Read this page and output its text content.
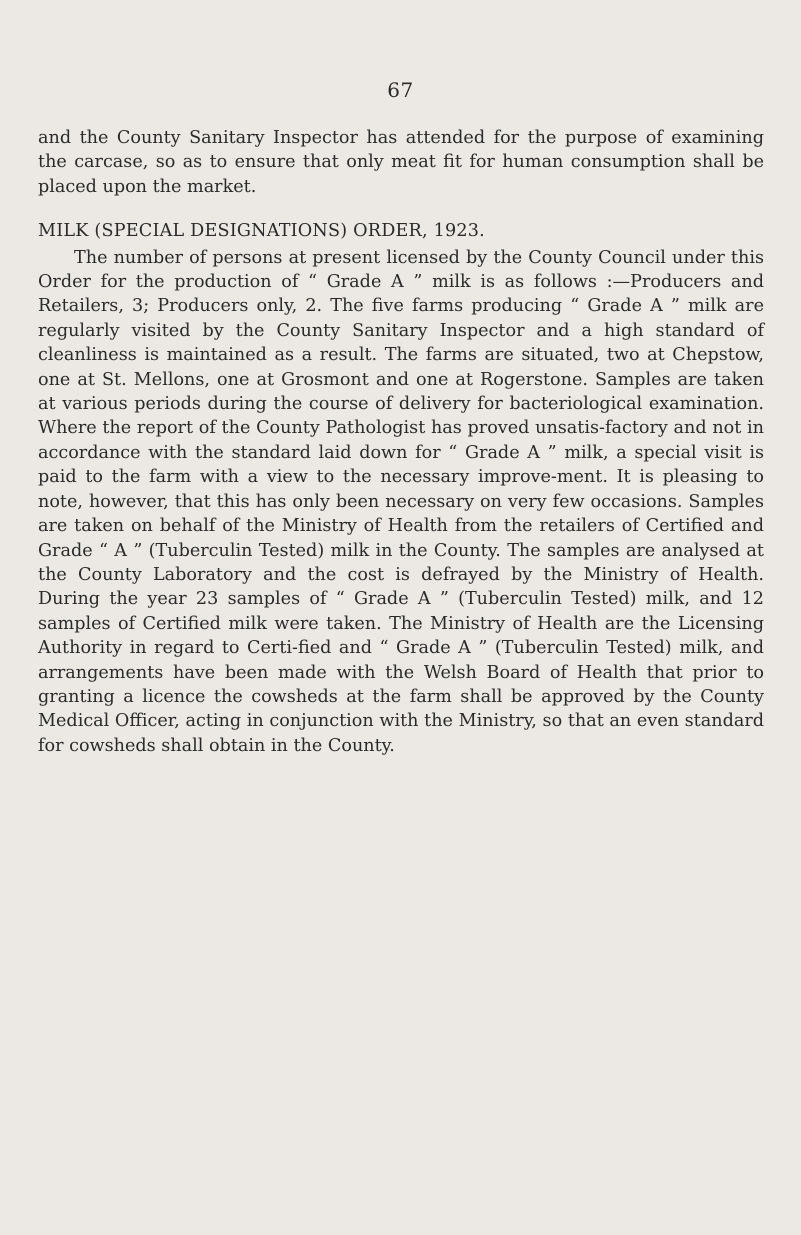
67

and the County Sanitary Inspector has attended for the purpose of examining the carcase, so as to ensure that only meat fit for human consumption shall be placed upon the market.

MILK (SPECIAL DESIGNATIONS) ORDER, 1923.

The number of persons at present licensed by the County Council under this Order for the production of “ Grade A ” milk is as follows :—Producers and Retailers, 3; Producers only, 2. The five farms producing “ Grade A ” milk are regularly visited by the County Sanitary Inspector and a high standard of cleanliness is maintained as a result. The farms are situated, two at Chepstow, one at St. Mellons, one at Grosmont and one at Rogerstone. Samples are taken at various periods during the course of delivery for bacteriological examination. Where the report of the County Pathologist has proved unsatis-factory and not in accordance with the standard laid down for “ Grade A ” milk, a special visit is paid to the farm with a view to the necessary improve-ment. It is pleasing to note, however, that this has only been necessary on very few occasions. Samples are taken on behalf of the Ministry of Health from the retailers of Certified and Grade “ A ” (Tuberculin Tested) milk in the County. The samples are analysed at the County Laboratory and the cost is defrayed by the Ministry of Health. During the year 23 samples of “ Grade A ” (Tuberculin Tested) milk, and 12 samples of Certified milk were taken. The Ministry of Health are the Licensing Authority in regard to Certi-fied and “ Grade A ” (Tuberculin Tested) milk, and arrangements have been made with the Welsh Board of Health that prior to granting a licence the cowsheds at the farm shall be approved by the County Medical Officer, acting in conjunction with the Ministry, so that an even standard for cowsheds shall obtain in the County.
